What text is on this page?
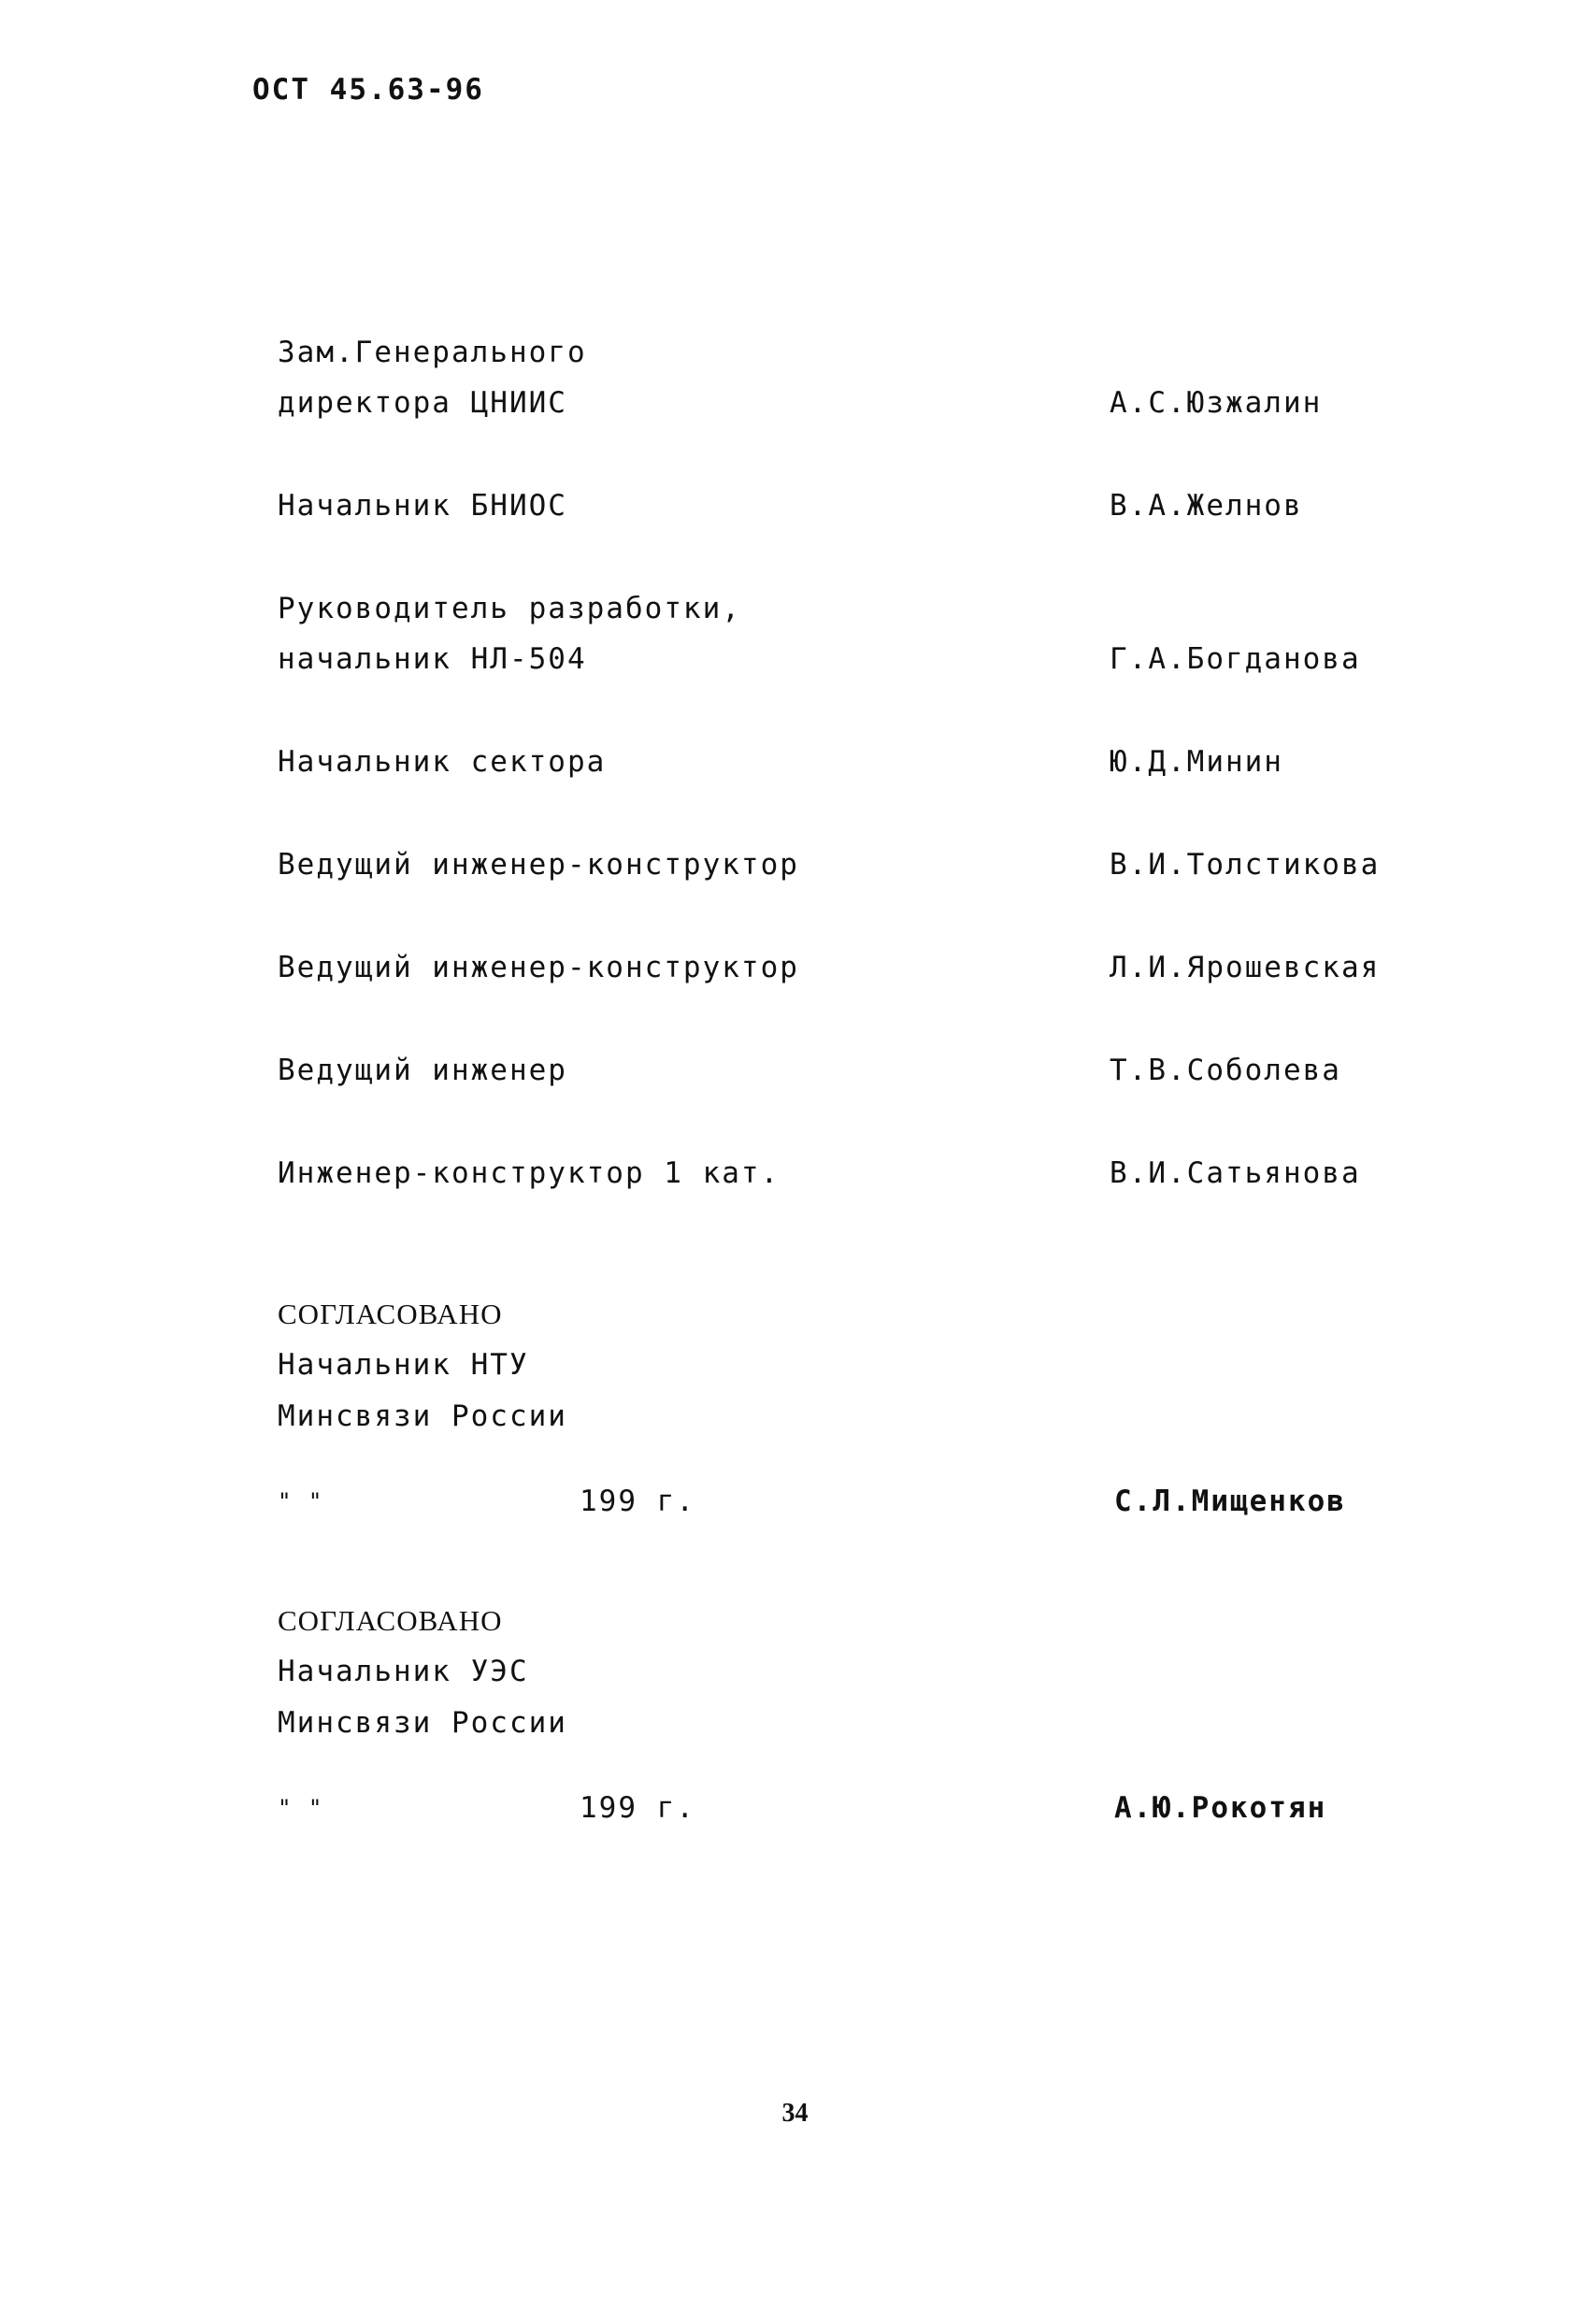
ОСТ 45.63-96
Зам.Генерального
директора ЦНИИС	А.С.Юзжалин
Начальник БНИОС	В.А.Желнов
Руководитель разработки,
начальник НЛ-504	Г.А.Богданова
Начальник сектора	Ю.Д.Минин
Ведущий инженер-конструктор	В.И.Толстикова
Ведущий инженер-конструктор	Л.И.Ярошевская
Ведущий инженер	Т.В.Соболева
Инженер-конструктор 1 кат.	В.И.Сатьянова
СОГЛАСОВАНО
Начальник НТУ
Минсвязи России
" "	199 г.	С.Л.Мищенков
СОГЛАСОВАНО
Начальник УЭС
Минсвязи России
" "	199 г.	А.Ю.Рокотян
34
